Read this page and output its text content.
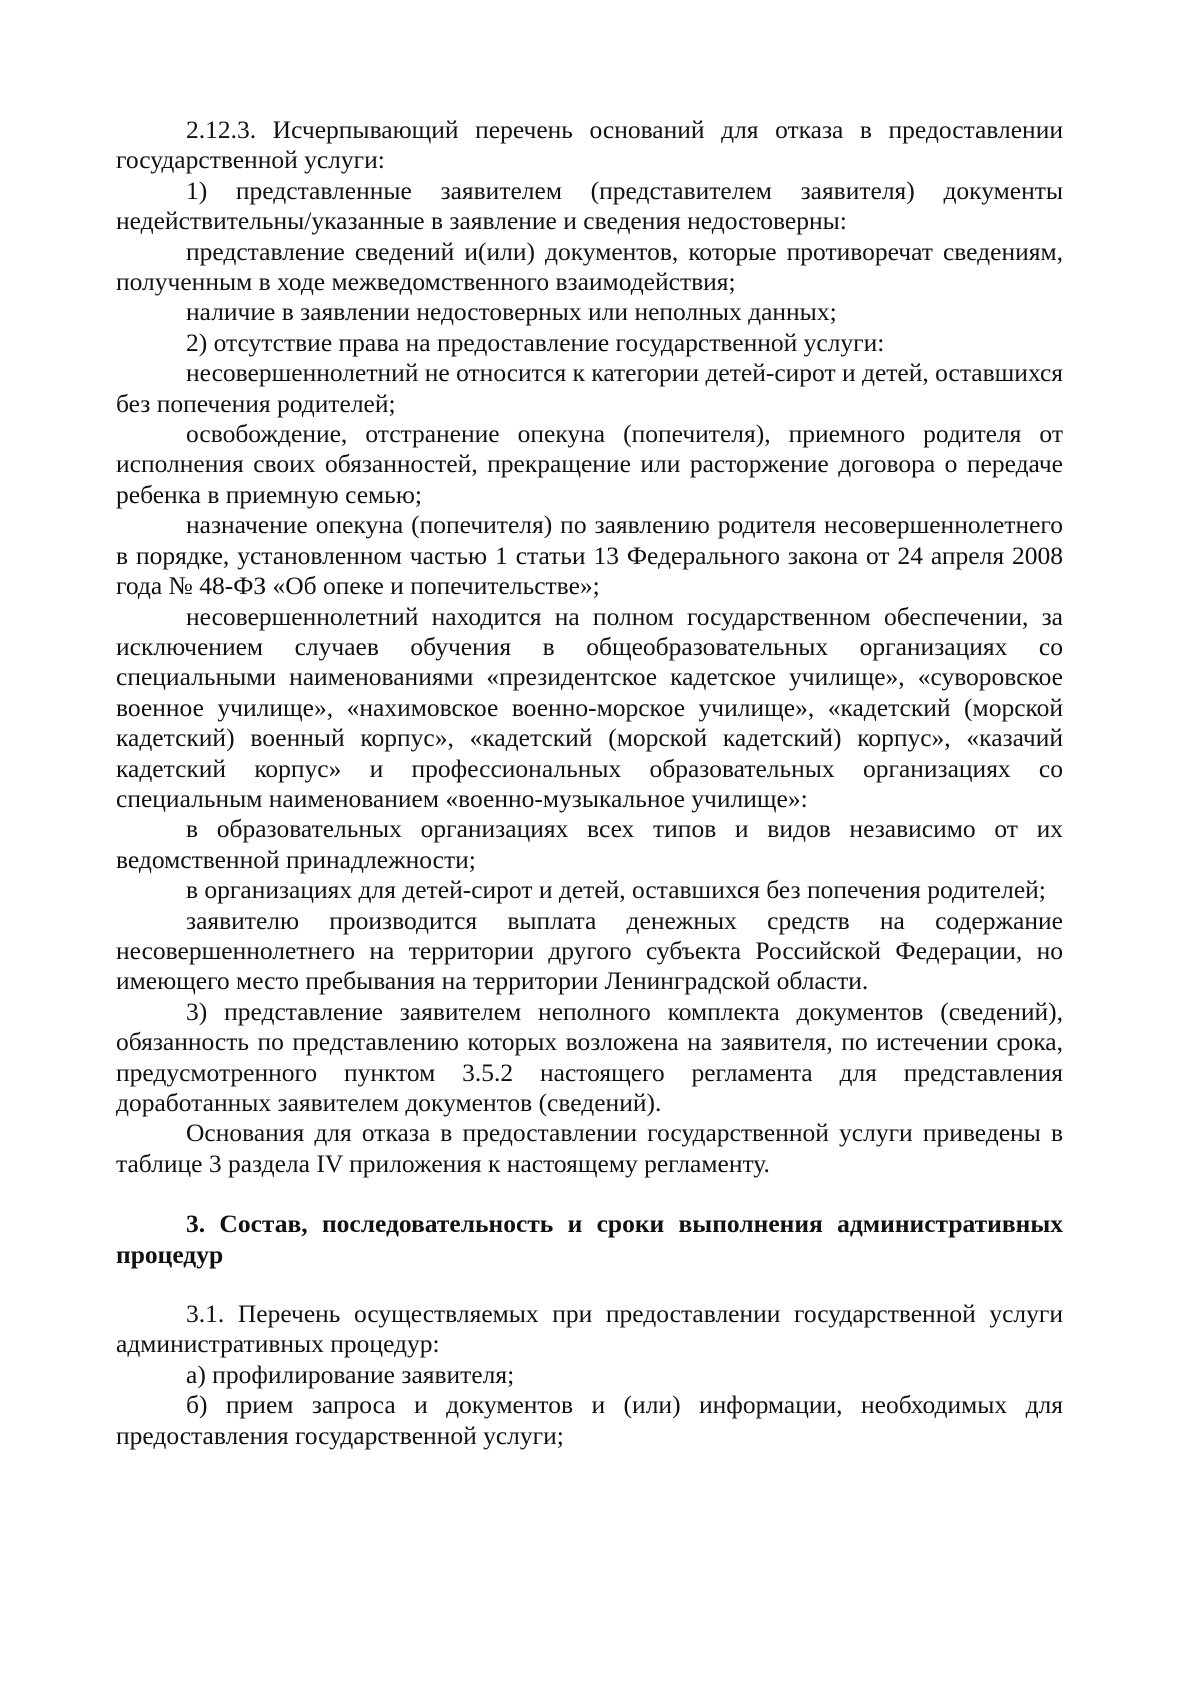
2.12.3. Исчерпывающий перечень оснований для отказа в предоставлении государственной услуги:

1) представленные заявителем (представителем заявителя) документы недействительны/указанные в заявление и сведения недостоверны:

представление сведений и(или) документов, которые противоречат сведениям, полученным в ходе межведомственного взаимодействия;

наличие в заявлении недостоверных или неполных данных;

2) отсутствие права на предоставление государственной услуги:

несовершеннолетний не относится к категории детей-сирот и детей, оставшихся без попечения родителей;

освобождение, отстранение опекуна (попечителя), приемного родителя от исполнения своих обязанностей, прекращение или расторжение договора о передаче ребенка в приемную семью;

назначение опекуна (попечителя) по заявлению родителя несовершеннолетнего в порядке, установленном частью 1 статьи 13 Федерального закона от 24 апреля 2008 года № 48-ФЗ «Об опеке и попечительстве»;

несовершеннолетний находится на полном государственном обеспечении, за исключением случаев обучения в общеобразовательных организациях со специальными наименованиями «президентское кадетское училище», «суворовское военное училище», «нахимовское военно-морское училище», «кадетский (морской кадетский) военный корпус», «кадетский (морской кадетский) корпус», «казачий кадетский корпус» и профессиональных образовательных организациях со специальным наименованием «военно-музыкальное училище»:

в образовательных организациях всех типов и видов независимо от их ведомственной принадлежности;

в организациях для детей-сирот и детей, оставшихся без попечения родителей;

заявителю производится выплата денежных средств на содержание несовершеннолетнего на территории другого субъекта Российской Федерации, но имеющего место пребывания на территории Ленинградской области.

3) представление заявителем неполного комплекта документов (сведений), обязанность по представлению которых возложена на заявителя, по истечении срока, предусмотренного пунктом 3.5.2 настоящего регламента для представления доработанных заявителем документов (сведений).

Основания для отказа в предоставлении государственной услуги приведены в таблице 3 раздела IV приложения к настоящему регламенту.

3. Состав, последовательность и сроки выполнения административных процедур

3.1. Перечень осуществляемых при предоставлении государственной услуги административных процедур:

а) профилирование заявителя;

б) прием запроса и документов и (или) информации, необходимых для предоставления государственной услуги;
